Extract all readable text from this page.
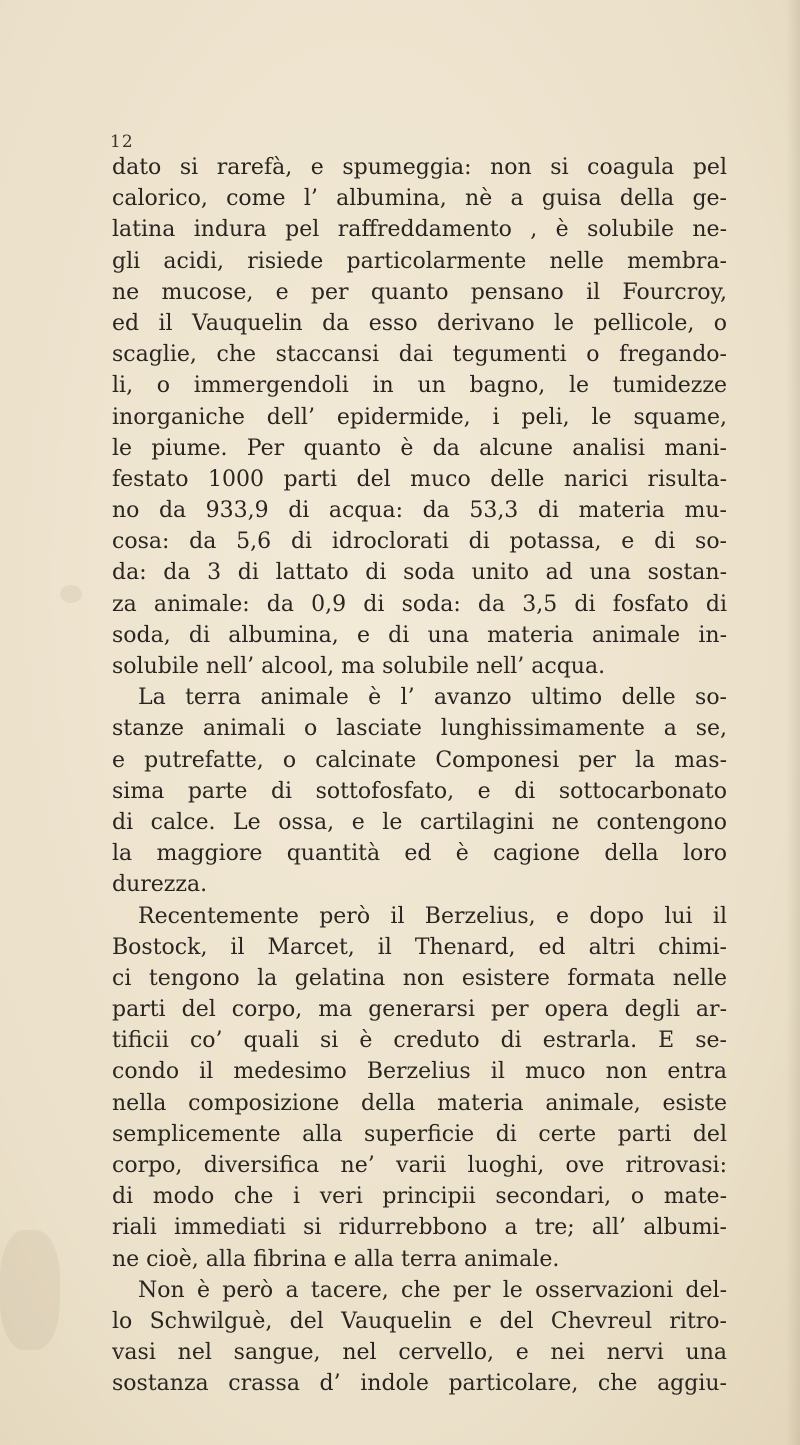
12
dato si rarefà, e spumeggia: non si coagula pel
calorico, come l’ albumina, nè a guisa della ge-
latina indura pel raffreddamento , è solubile ne-
gli acidi, risiede particolarmente nelle membra-
ne mucose, e per quanto pensano il Fourcroy,
ed il Vauquelin da esso derivano le pellicole, o
scaglie, che staccansi dai tegumenti o fregando-
li, o immergendoli in un bagno, le tumidezze
inorganiche dell’ epidermide, i peli, le squame,
le piume. Per quanto è da alcune analisi mani-
festato 1000 parti del muco delle narici risulta-
no da 933,9 di acqua: da 53,3 di materia mu-
cosa: da 5,6 di idroclorati di potassa, e di so-
da: da 3 di lattato di soda unito ad una sostan-
za animale: da 0,9 di soda: da 3,5 di fosfato di
soda, di albumina, e di una materia animale in-
solubile nell’ alcool, ma solubile nell’ acqua.
La terra animale è l’ avanzo ultimo delle so-
stanze animali o lasciate lunghissimamente a se,
e putrefatte, o calcinate Componesi per la mas-
sima parte di sottofosfato, e di sottocarbonato
di calce. Le ossa, e le cartilagini ne contengono
la maggiore quantità ed è cagione della loro
durezza.
Recentemente però il Berzelius, e dopo lui il
Bostock, il Marcet, il Thenard, ed altri chimi-
ci tengono la gelatina non esistere formata nelle
parti del corpo, ma generarsi per opera degli ar-
tificii co’ quali si è creduto di estrarla. E se-
condo il medesimo Berzelius il muco non entra
nella composizione della materia animale, esiste
semplicemente alla superficie di certe parti del
corpo, diversifica ne’ varii luoghi, ove ritrovasi:
di modo che i veri principii secondari, o mate-
riali immediati si ridurrebbono a tre; all’ albumi-
ne cioè, alla fibrina e alla terra animale.
Non è però a tacere, che per le osservazioni del-
lo Schwilguè, del Vauquelin e del Chevreul ritro-
vasi nel sangue, nel cervello, e nei nervi una
sostanza crassa d’ indole particolare, che aggiu-
